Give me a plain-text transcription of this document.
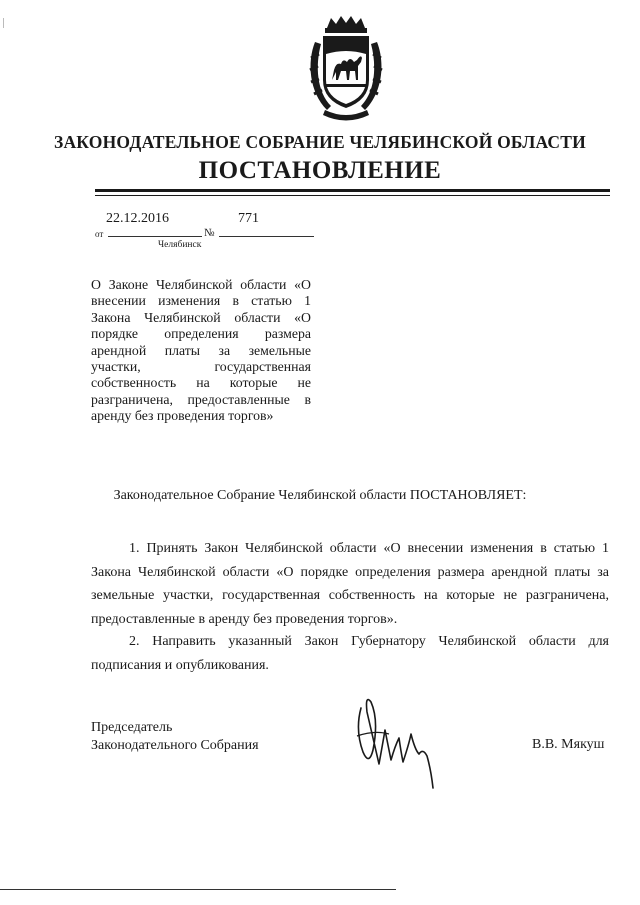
ЗАКОНОДАТЕЛЬНОЕ СОБРАНИЕ ЧЕЛЯБИНСКОЙ ОБЛАСТИ
ПОСТАНОВЛЕНИЕ
22.12.2016	771
от	№
Челябинск
О Законе Челябинской области «О внесении изменения в статью 1 Закона Челябинской области «О порядке определения размера арендной платы за земельные участки, государственная собственность на которые не разграничена, предоставленные в аренду без проведения торгов»
Законодательное Собрание Челябинской области ПОСТАНОВЛЯЕТ:
1. Принять Закон Челябинской области «О внесении изменения в статью 1 Закона Челябинской области «О порядке определения размера арендной платы за земельные участки, государственная собственность на которые не разграничена, предоставленные в аренду без проведения торгов».
2. Направить указанный Закон Губернатору Челябинской области для подписания и опубликования.
Председатель
Законодательного Собрания	В.В. Мякуш
